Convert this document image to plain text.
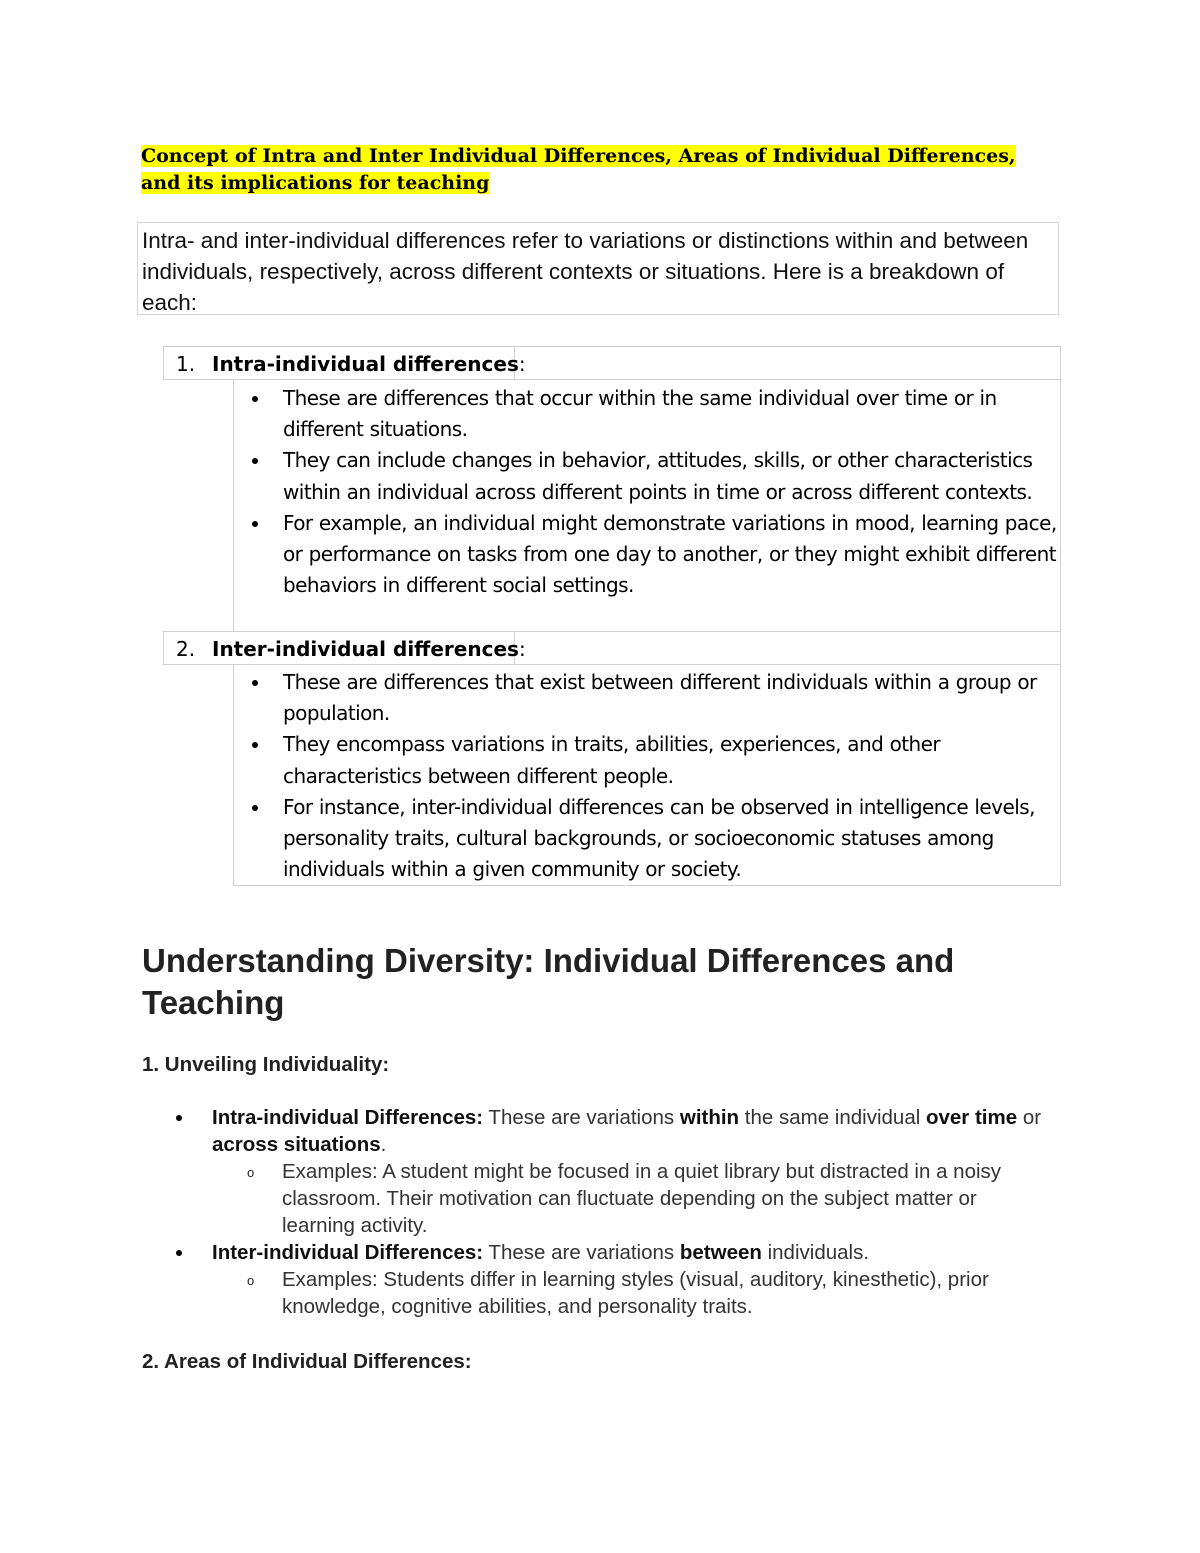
Concept of Intra and Inter Individual Differences, Areas of Individual Differences, and its implications for teaching

Intra- and inter-individual differences refer to variations or distinctions within and between individuals, respectively, across different contexts or situations. Here is a breakdown of each:

1. Intra-individual differences:
These are differences that occur within the same individual over time or in different situations.
They can include changes in behavior, attitudes, skills, or other characteristics within an individual across different points in time or across different contexts.
For example, an individual might demonstrate variations in mood, learning pace, or performance on tasks from one day to another, or they might exhibit different behaviors in different social settings.
2. Inter-individual differences:
These are differences that exist between different individuals within a group or population.
They encompass variations in traits, abilities, experiences, and other characteristics between different people.
For instance, inter-individual differences can be observed in intelligence levels, personality traits, cultural backgrounds, or socioeconomic statuses among individuals within a given community or society.
Understanding Diversity: Individual Differences and Teaching
1. Unveiling Individuality:
Intra-individual Differences: These are variations within the same individual over time or across situations.
o Examples: A student might be focused in a quiet library but distracted in a noisy classroom. Their motivation can fluctuate depending on the subject matter or learning activity.
Inter-individual Differences: These are variations between individuals.
o Examples: Students differ in learning styles (visual, auditory, kinesthetic), prior knowledge, cognitive abilities, and personality traits.
2. Areas of Individual Differences:
